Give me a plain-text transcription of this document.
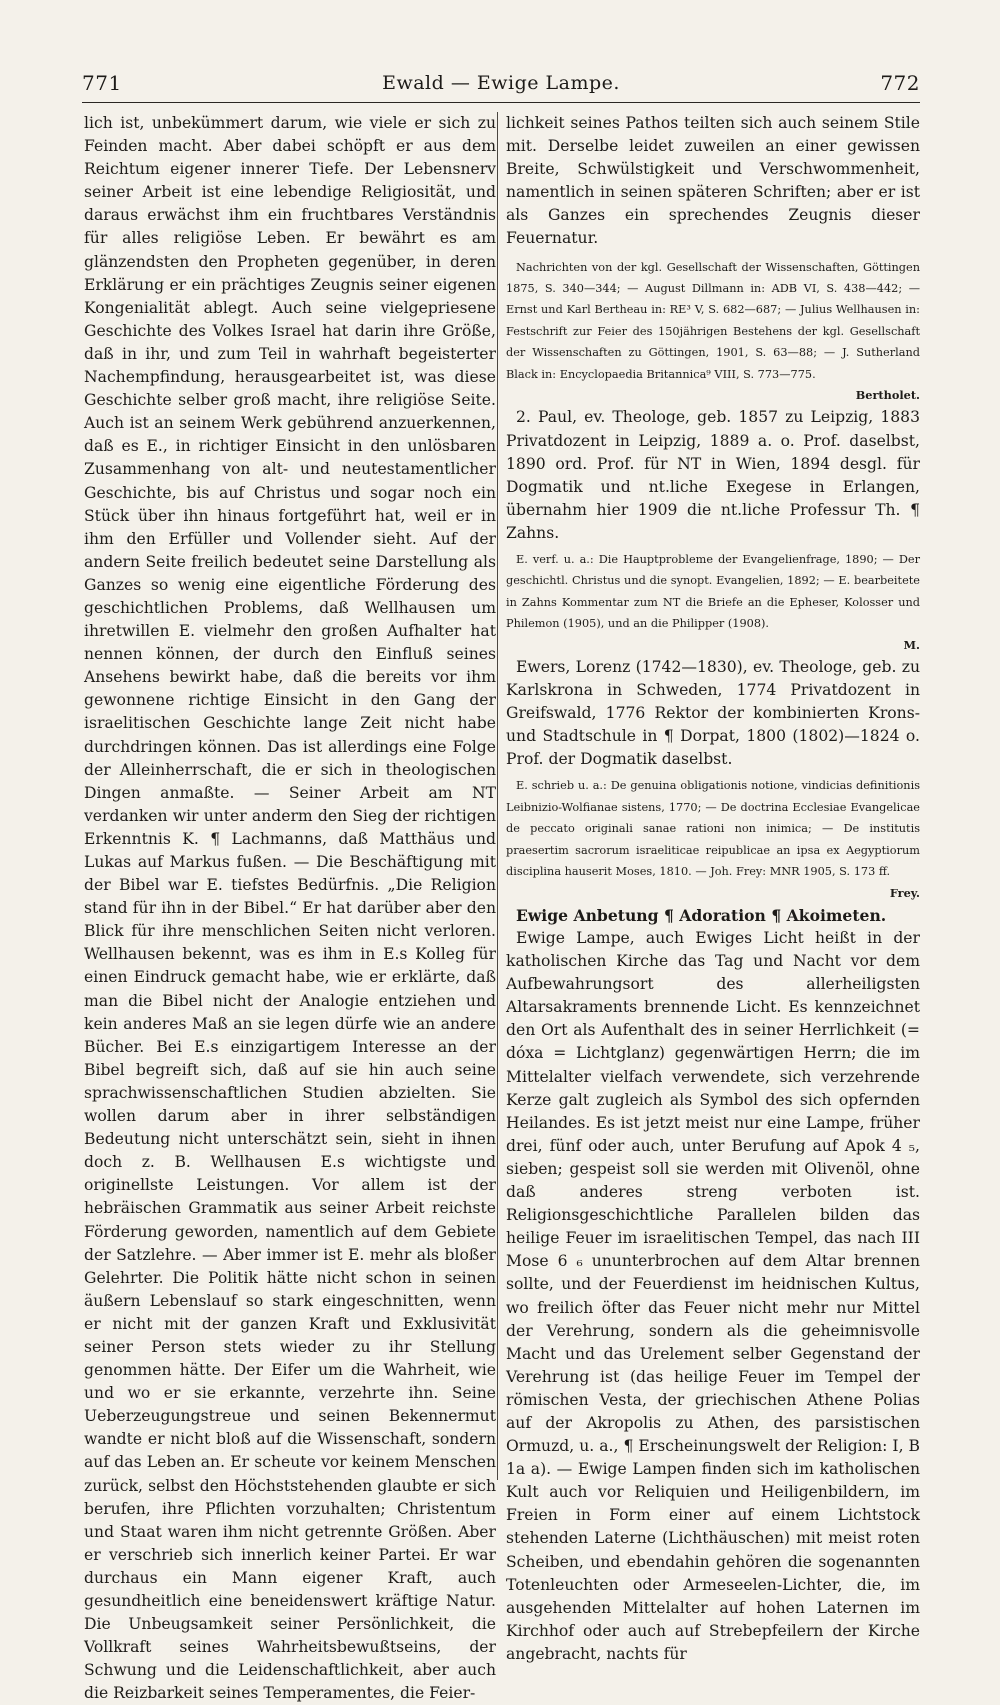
771	Ewald — Ewige Lampe.	772

lich ist, unbekümmert darum, wie viele er sich zu Feinden macht. Aber dabei schöpft er aus dem Reichtum eigener innerer Tiefe. Der Lebensnerv seiner Arbeit ist eine lebendige Religiosität, und daraus erwächst ihm ein fruchtbares Verständnis für alles religiöse Leben. Er bewährt es am glänzendsten den Propheten gegenüber, in deren Erklärung er ein prächtiges Zeugnis seiner eigenen Kongenialität ablegt. Auch seine vielgepriesene Geschichte des Volkes Israel hat darin ihre Größe, daß in ihr, und zum Teil in wahrhaft begeisterter Nachempfindung, herausgearbeitet ist, was diese Geschichte selber groß macht, ihre religiöse Seite. Auch ist an seinem Werk gebührend anzuerkennen, daß es E., in richtiger Einsicht in den unlösbaren Zusammenhang von alt- und neutestamentlicher Geschichte, bis auf Christus und sogar noch ein Stück über ihn hinaus fortgeführt hat, weil er in ihm den Erfüller und Vollender sieht. Auf der andern Seite freilich bedeutet seine Darstellung als Ganzes so wenig eine eigentliche Förderung des geschichtlichen Problems, daß Wellhausen um ihretwillen E. vielmehr den großen Aufhalter hat nennen können, der durch den Einfluß seines Ansehens bewirkt habe, daß die bereits vor ihm gewonnene richtige Einsicht in den Gang der israelitischen Geschichte lange Zeit nicht habe durchdringen können. Das ist allerdings eine Folge der Alleinherrschaft, die er sich in theologischen Dingen anmaßte. — Seiner Arbeit am NT verdanken wir unter anderm den Sieg der richtigen Erkenntnis K. ¶ Lachmanns, daß Matthäus und Lukas auf Markus fußen. — Die Beschäftigung mit der Bibel war E. tiefstes Bedürfnis. „Die Religion stand für ihn in der Bibel.“ Er hat darüber aber den Blick für ihre menschlichen Seiten nicht verloren. Wellhausen bekennt, was es ihm in E.s Kolleg für einen Eindruck gemacht habe, wie er erklärte, daß man die Bibel nicht der Analogie entziehen und kein anderes Maß an sie legen dürfe wie an andere Bücher. Bei E.s einzigartigem Interesse an der Bibel begreift sich, daß auf sie hin auch seine sprachwissenschaftlichen Studien abzielten. Sie wollen darum aber in ihrer selbständigen Bedeutung nicht unterschätzt sein, sieht in ihnen doch z. B. Wellhausen E.s wichtigste und originellste Leistungen. Vor allem ist der hebräischen Grammatik aus seiner Arbeit reichste Förderung geworden, namentlich auf dem Gebiete der Satzlehre. — Aber immer ist E. mehr als bloßer Gelehrter. Die Politik hätte nicht schon in seinen äußern Lebenslauf so stark eingeschnitten, wenn er nicht mit der ganzen Kraft und Exklusivität seiner Person stets wieder zu ihr Stellung genommen hätte. Der Eifer um die Wahrheit, wie und wo er sie erkannte, verzehrte ihn. Seine Ueberzeugungstreue und seinen Bekennermut wandte er nicht bloß auf die Wissenschaft, sondern auf das Leben an. Er scheute vor keinem Menschen zurück, selbst den Höchststehenden glaubte er sich berufen, ihre Pflichten vorzuhalten; Christentum und Staat waren ihm nicht getrennte Größen. Aber er verschrieb sich innerlich keiner Partei. Er war durchaus ein Mann eigener Kraft, auch gesundheitlich eine beneidenswert kräftige Natur. Die Unbeugsamkeit seiner Persönlichkeit, die Vollkraft seines Wahrheitsbewußtseins, der Schwung und die Leidenschaftlichkeit, aber auch die Reizbarkeit seines Temperamentes, die Feier-

lichkeit seines Pathos teilten sich auch seinem Stile mit. Derselbe leidet zuweilen an einer gewissen Breite, Schwülstigkeit und Verschwommenheit, namentlich in seinen späteren Schriften; aber er ist als Ganzes ein sprechendes Zeugnis dieser Feuernatur.

Nachrichten von der kgl. Gesellschaft der Wissenschaften, Göttingen 1875, S. 340—344; — August Dillmann in: ADB VI, S. 438—442; — Ernst und Karl Bertheau in: RE³ V, S. 682—687; — Julius Wellhausen in: Festschrift zur Feier des 150jährigen Bestehens der kgl. Gesellschaft der Wissenschaften zu Göttingen, 1901, S. 63—88; — J. Sutherland Black in: Encyclopaedia Britannica⁹ VIII, S. 773—775.

Bertholet.

2. Paul, ev. Theologe, geb. 1857 zu Leipzig, 1883 Privatdozent in Leipzig, 1889 a. o. Prof. daselbst, 1890 ord. Prof. für NT in Wien, 1894 desgl. für Dogmatik und nt.liche Exegese in Erlangen, übernahm hier 1909 die nt.liche Professur Th. ¶ Zahns.

E. verf. u. a.: Die Hauptprobleme der Evangelienfrage, 1890; — Der geschichtl. Christus und die synopt. Evangelien, 1892; — E. bearbeitete in Zahns Kommentar zum NT die Briefe an die Epheser, Kolosser und Philemon (1905), und an die Philipper (1908).

M.

Ewers, Lorenz (1742—1830), ev. Theologe, geb. zu Karlskrona in Schweden, 1774 Privatdozent in Greifswald, 1776 Rektor der kombinierten Krons- und Stadtschule in ¶ Dorpat, 1800 (1802)—1824 o. Prof. der Dogmatik daselbst.

E. schrieb u. a.: De genuina obligationis notione, vindicias definitionis Leibnizio-Wolfianae sistens, 1770; — De doctrina Ecclesiae Evangelicae de peccato originali sanae rationi non inimica; — De institutis praesertim sacrorum israeliticae reipublicae an ipsa ex Aegyptiorum disciplina hauserit Moses, 1810. — Joh. Frey: MNR 1905, S. 173 ff.

Frey.

Ewige Anbetung ¶ Adoration ¶ Akoimeten.

Ewige Lampe, auch Ewiges Licht heißt in der katholischen Kirche das Tag und Nacht vor dem Aufbewahrungsort des allerheiligsten Altarsakraments brennende Licht. Es kennzeichnet den Ort als Aufenthalt des in seiner Herrlichkeit (= dóxa = Lichtglanz) gegenwärtigen Herrn; die im Mittelalter vielfach verwendete, sich verzehrende Kerze galt zugleich als Symbol des sich opfernden Heilandes. Es ist jetzt meist nur eine Lampe, früher drei, fünf oder auch, unter Berufung auf Apok 4 ₅, sieben; gespeist soll sie werden mit Olivenöl, ohne daß anderes streng verboten ist. Religionsgeschichtliche Parallelen bilden das heilige Feuer im israelitischen Tempel, das nach III Mose 6 ₆ ununterbrochen auf dem Altar brennen sollte, und der Feuerdienst im heidnischen Kultus, wo freilich öfter das Feuer nicht mehr nur Mittel der Verehrung, sondern als die geheimnisvolle Macht und das Urelement selber Gegenstand der Verehrung ist (das heilige Feuer im Tempel der römischen Vesta, der griechischen Athene Polias auf der Akropolis zu Athen, des parsistischen Ormuzd, u. a., ¶ Erscheinungswelt der Religion: I, B 1a a). — Ewige Lampen finden sich im katholischen Kult auch vor Reliquien und Heiligenbildern, im Freien in Form einer auf einem Lichtstock stehenden Laterne (Lichthäuschen) mit meist roten Scheiben, und ebendahin gehören die sogenannten Totenleuchten oder Armeseelen-Lichter, die, im ausgehenden Mittelalter auf hohen Laternen im Kirchhof oder auch auf Strebepfeilern der Kirche angebracht, nachts für
